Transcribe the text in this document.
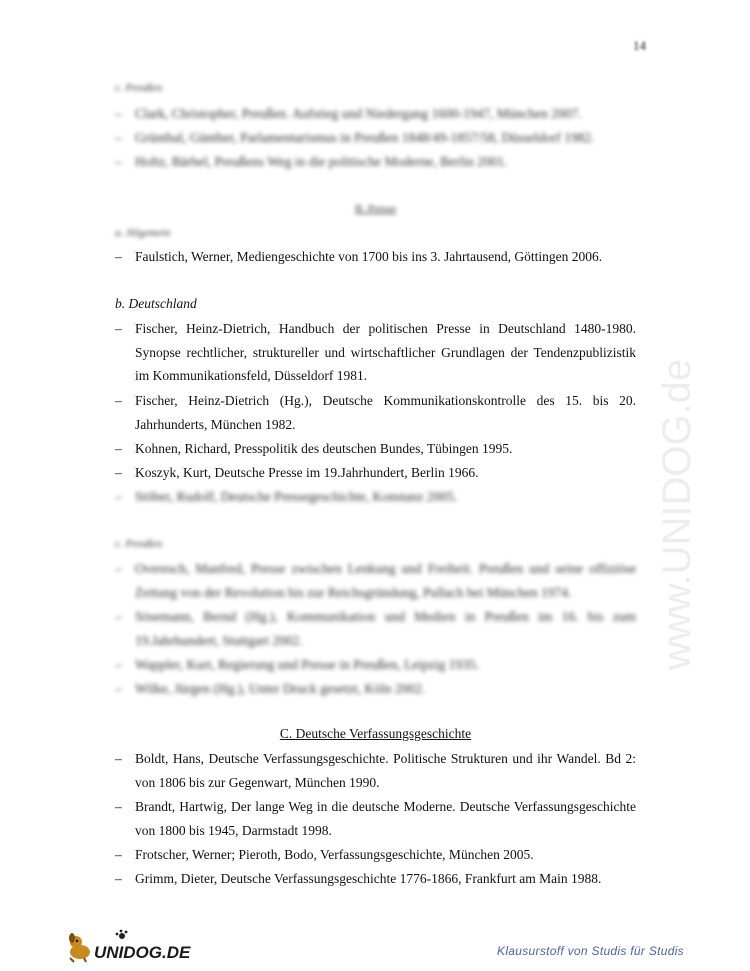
14
www.UNIDOG.de
c. Preußen
– Clark, Christopher, Preußen. Aufstieg und Niedergang 1600-1947, München 2007.
– Grünthal, Günther, Parlamentarismus in Preußen 1848/49-1857/58, Düsseldorf 1982.
– Holtz, Bärbel, Preußens Weg in die politische Moderne, Berlin 2001.
B. Presse
a. Allgemein
– Faulstich, Werner, Mediengeschichte von 1700 bis ins 3. Jahrtausend, Göttingen 2006.
b. Deutschland
– Fischer, Heinz-Dietrich, Handbuch der politischen Presse in Deutschland 1480-1980. Synopse rechtlicher, struktureller und wirtschaftlicher Grundlagen der Tendenzpublizistik im Kommunikationsfeld, Düsseldorf 1981.
– Fischer, Heinz-Dietrich (Hg.), Deutsche Kommunikationskontrolle des 15. bis 20. Jahrhunderts, München 1982.
– Kohnen, Richard, Presspolitik des deutschen Bundes, Tübingen 1995.
– Koszyk, Kurt, Deutsche Presse im 19.Jahrhundert, Berlin 1966.
– Stöber, Rudolf, Deutsche Pressegeschichte, Konstanz 2005.
c. Preußen
– Overesch, Manfred, Presse zwischen Lenkung und Freiheit. Preußen und seine offiziöse Zeitung von der Revolution bis zur Reichsgründung, Pullach bei München 1974.
– Sösemann, Bernd (Hg.), Kommunikation und Medien in Preußen im 16. bis zum 19.Jahrhundert, Stuttgart 2002.
– Wappler, Kurt, Regierung und Presse in Preußen, Leipzig 1935.
– Wilke, Jürgen (Hg.), Unter Druck gesetzt, Köln 2002.
C. Deutsche Verfassungsgeschichte
– Boldt, Hans, Deutsche Verfassungsgeschichte. Politische Strukturen und ihr Wandel. Bd 2: von 1806 bis zur Gegenwart, München 1990.
– Brandt, Hartwig, Der lange Weg in die deutsche Moderne. Deutsche Verfassungsgeschichte von 1800 bis 1945, Darmstadt 1998.
– Frotscher, Werner; Pieroth, Bodo, Verfassungsgeschichte, München 2005.
– Grimm, Dieter, Deutsche Verfassungsgeschichte 1776-1866, Frankfurt am Main 1988.
UNIDOG.DE	Klausurstoff von Studis für Studis
